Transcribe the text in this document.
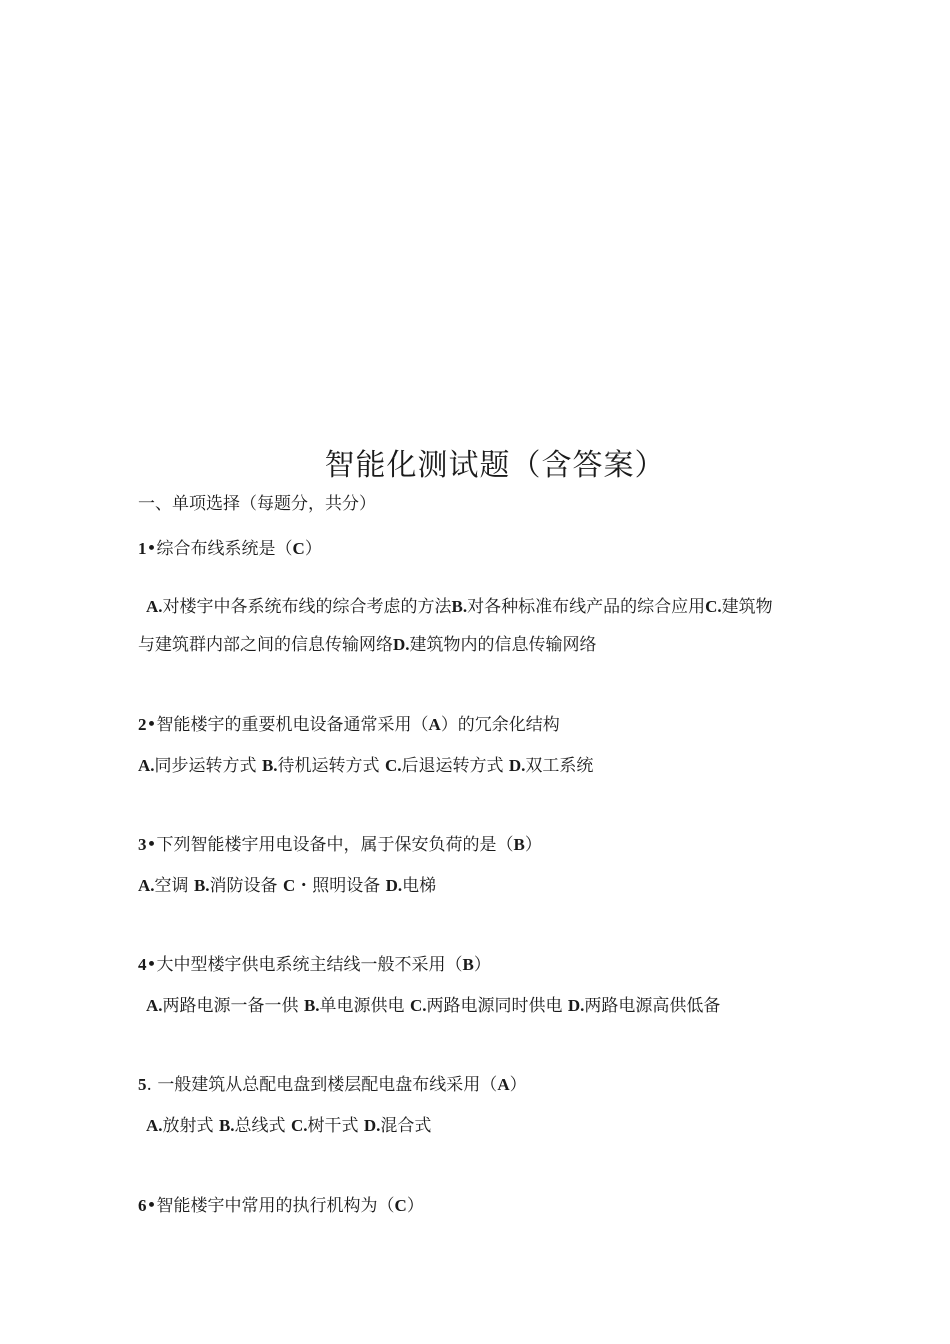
智能化测试题（含答案）
一、单项选择（每题分，共分）
1•综合布线系统是（C）
A.对楼宇中各系统布线的综合考虑的方法B.对各种标准布线产品的综合应用C.建筑物
与建筑群内部之间的信息传输网络D.建筑物内的信息传输网络
2•智能楼宇的重要机电设备通常采用（A）的冗余化结构
A.同步运转方式 B.待机运转方式 C.后退运转方式 D.双工系统
3•下列智能楼宇用电设备中，属于保安负荷的是（B）
A.空调 B.消防设备 C・照明设备 D.电梯
4•大中型楼宇供电系统主结线一般不采用（B）
A.两路电源一备一供 B.单电源供电 C.两路电源同时供电 D.两路电源高供低备
5. 一般建筑从总配电盘到楼层配电盘布线采用（A）
A.放射式 B.总线式 C.树干式 D.混合式
6•智能楼宇中常用的执行机构为（C）
